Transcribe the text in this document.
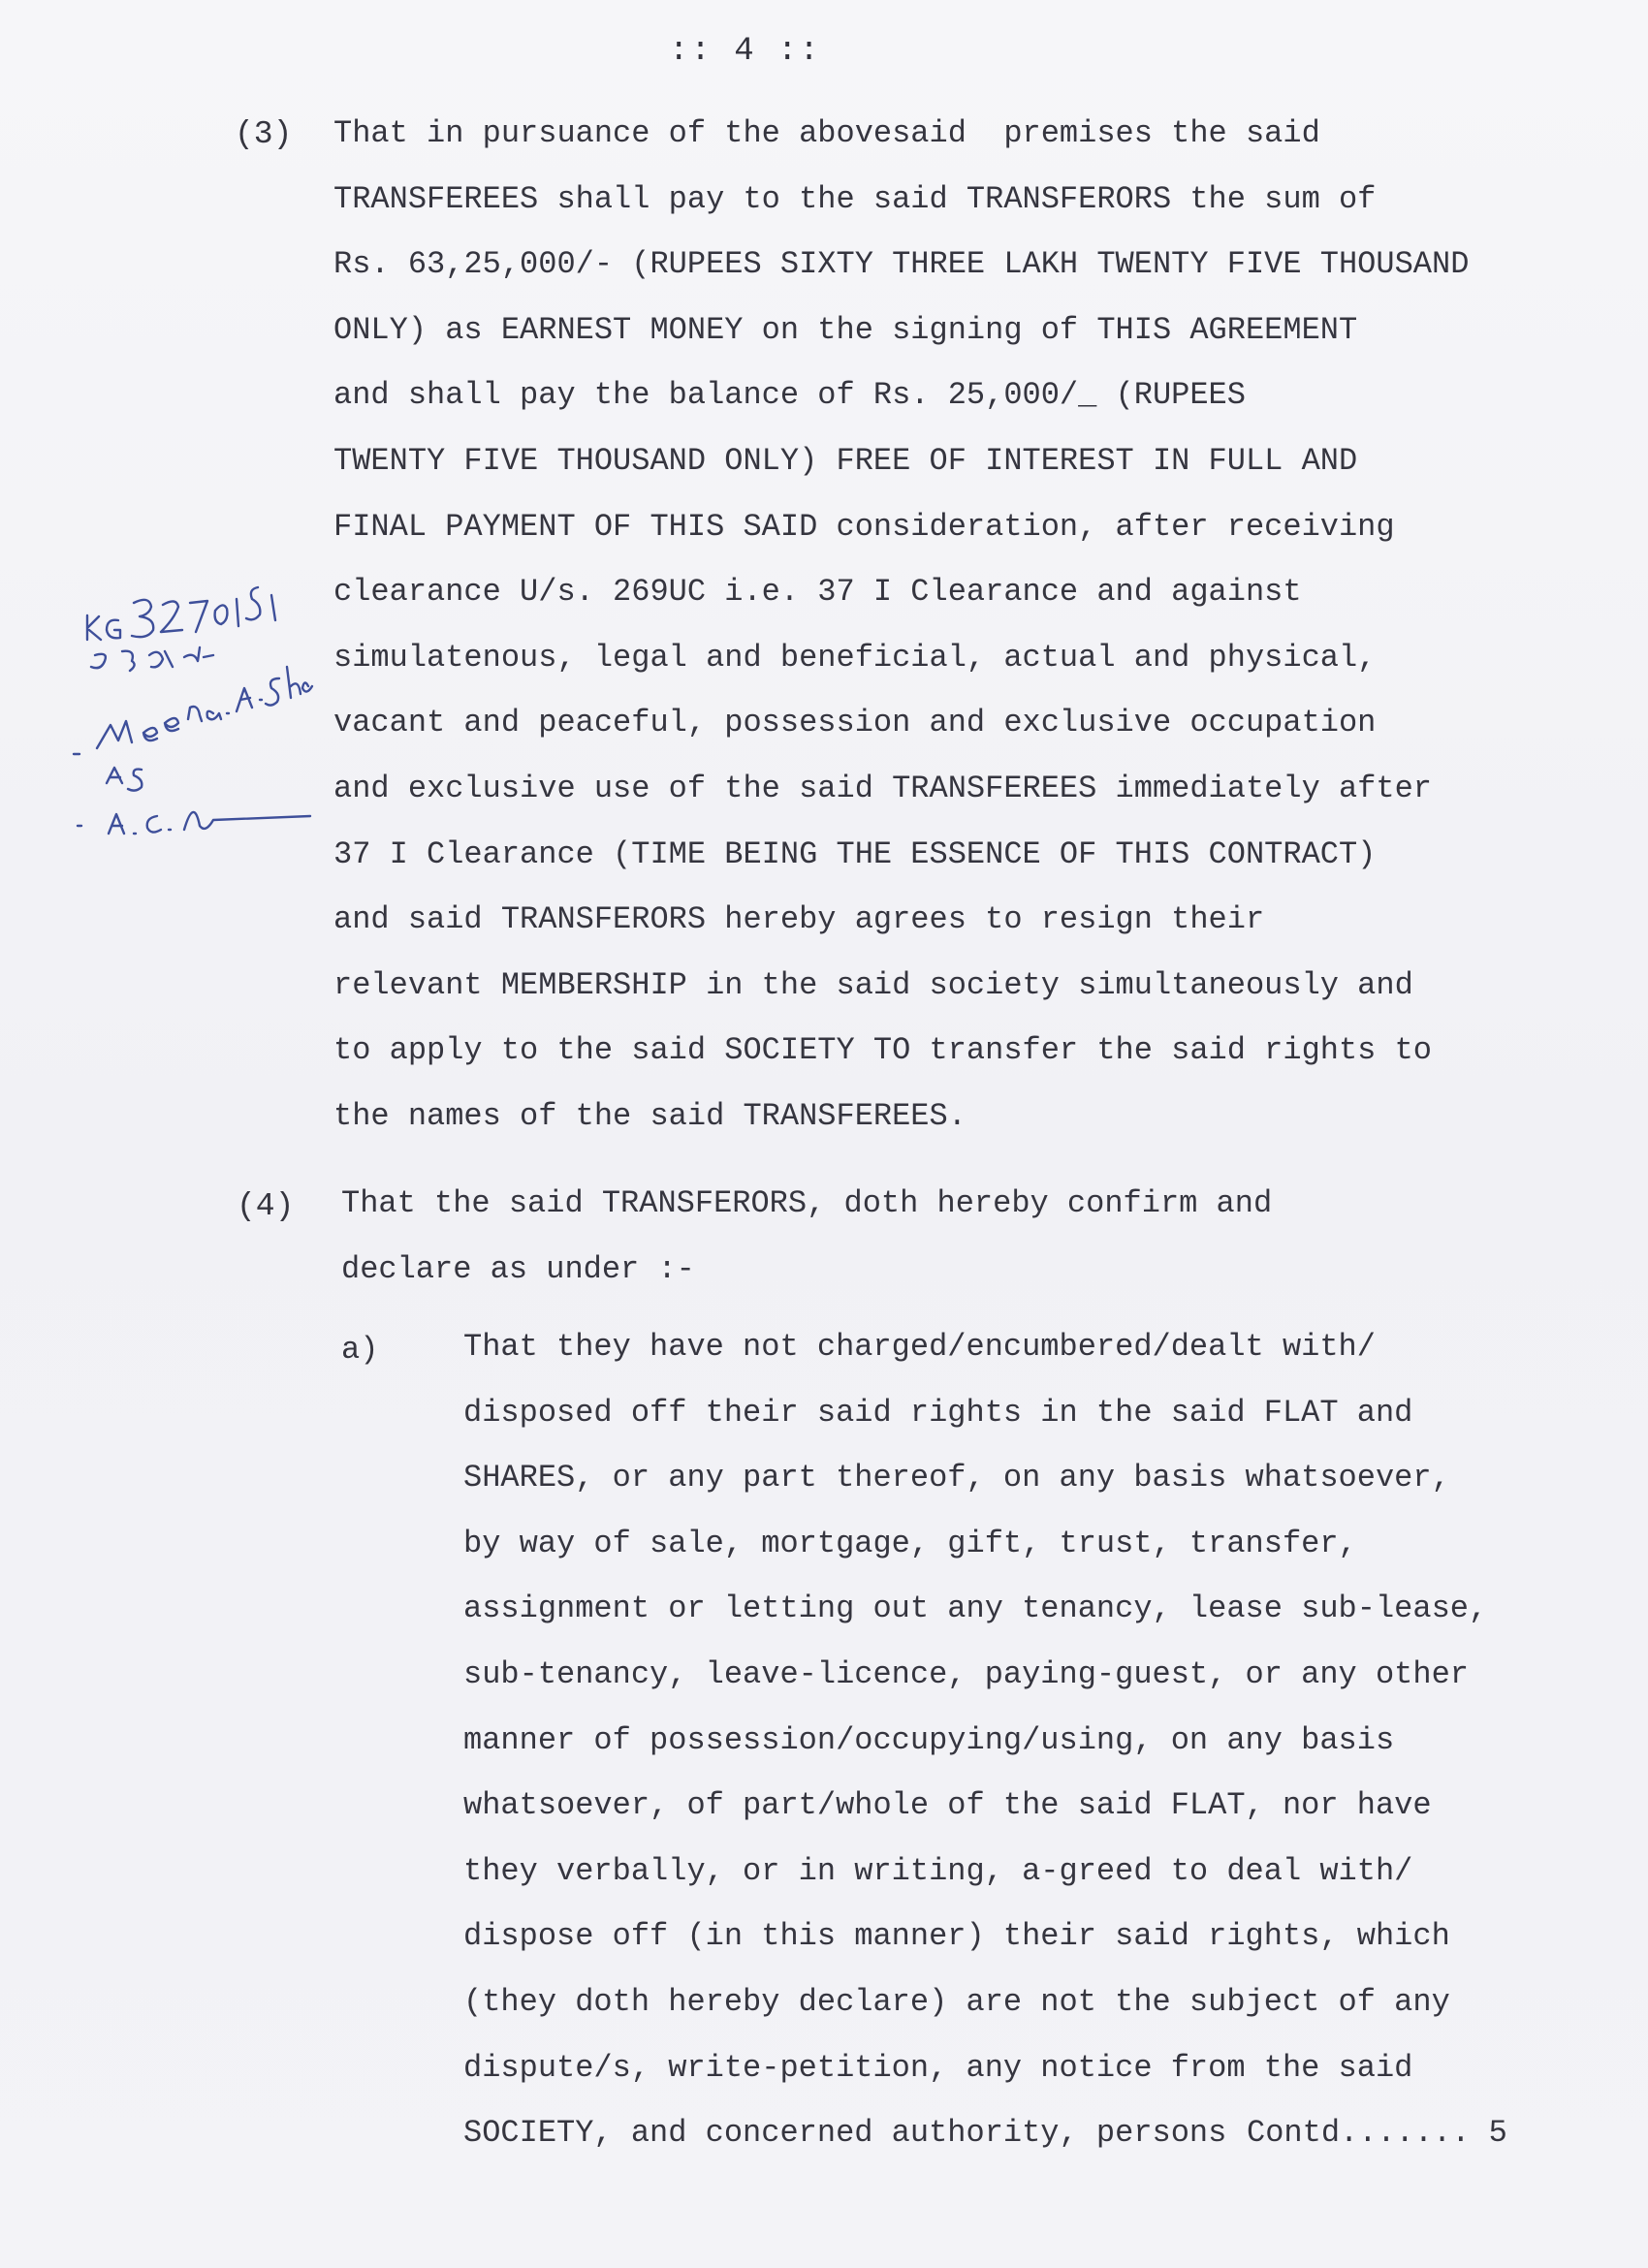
:: 4 ::
(3) That in pursuance of the abovesaid  premises the said
TRANSFEREES shall pay to the said TRANSFERORS the sum of
Rs. 63,25,000/- (RUPEES SIXTY THREE LAKH TWENTY FIVE THOUSAND
ONLY) as EARNEST MONEY on the signing of THIS AGREEMENT
and shall pay the balance of Rs. 25,000/_ (RUPEES
TWENTY FIVE THOUSAND ONLY) FREE OF INTEREST IN FULL AND
FINAL PAYMENT OF THIS SAID consideration, after receiving
clearance U/s. 269UC i.e. 37 I Clearance and against
simulatenous, legal and beneficial, actual and physical,
vacant and peaceful, possession and exclusive occupation
and exclusive use of the said TRANSFEREES immediately after
37 I Clearance (TIME BEING THE ESSENCE OF THIS CONTRACT)
and said TRANSFERORS hereby agrees to resign their
relevant MEMBERSHIP in the said society simultaneously and
to apply to the said SOCIETY TO transfer the said rights to
the names of the said TRANSFEREES.
(4) That the said TRANSFERORS, doth hereby confirm and
declare as under :-
a)	That they have not charged/encumbered/dealt with/
disposed off their said rights in the said FLAT and
SHARES, or any part thereof, on any basis whatsoever,
by way of sale, mortgage, gift, trust, transfer,
assignment or letting out any tenancy, lease sub-lease,
sub-tenancy, leave-licence, paying-guest, or any other
manner of possession/occupying/using, on any basis
whatsoever, of part/whole of the said FLAT, nor have
they verbally, or in writing, a-greed to deal with/
dispose off (in this manner) their said rights, which
(they doth hereby declare) are not the subject of any
dispute/s, write-petition, any notice from the said
SOCIETY, and concerned authority, persons Contd....... 5
